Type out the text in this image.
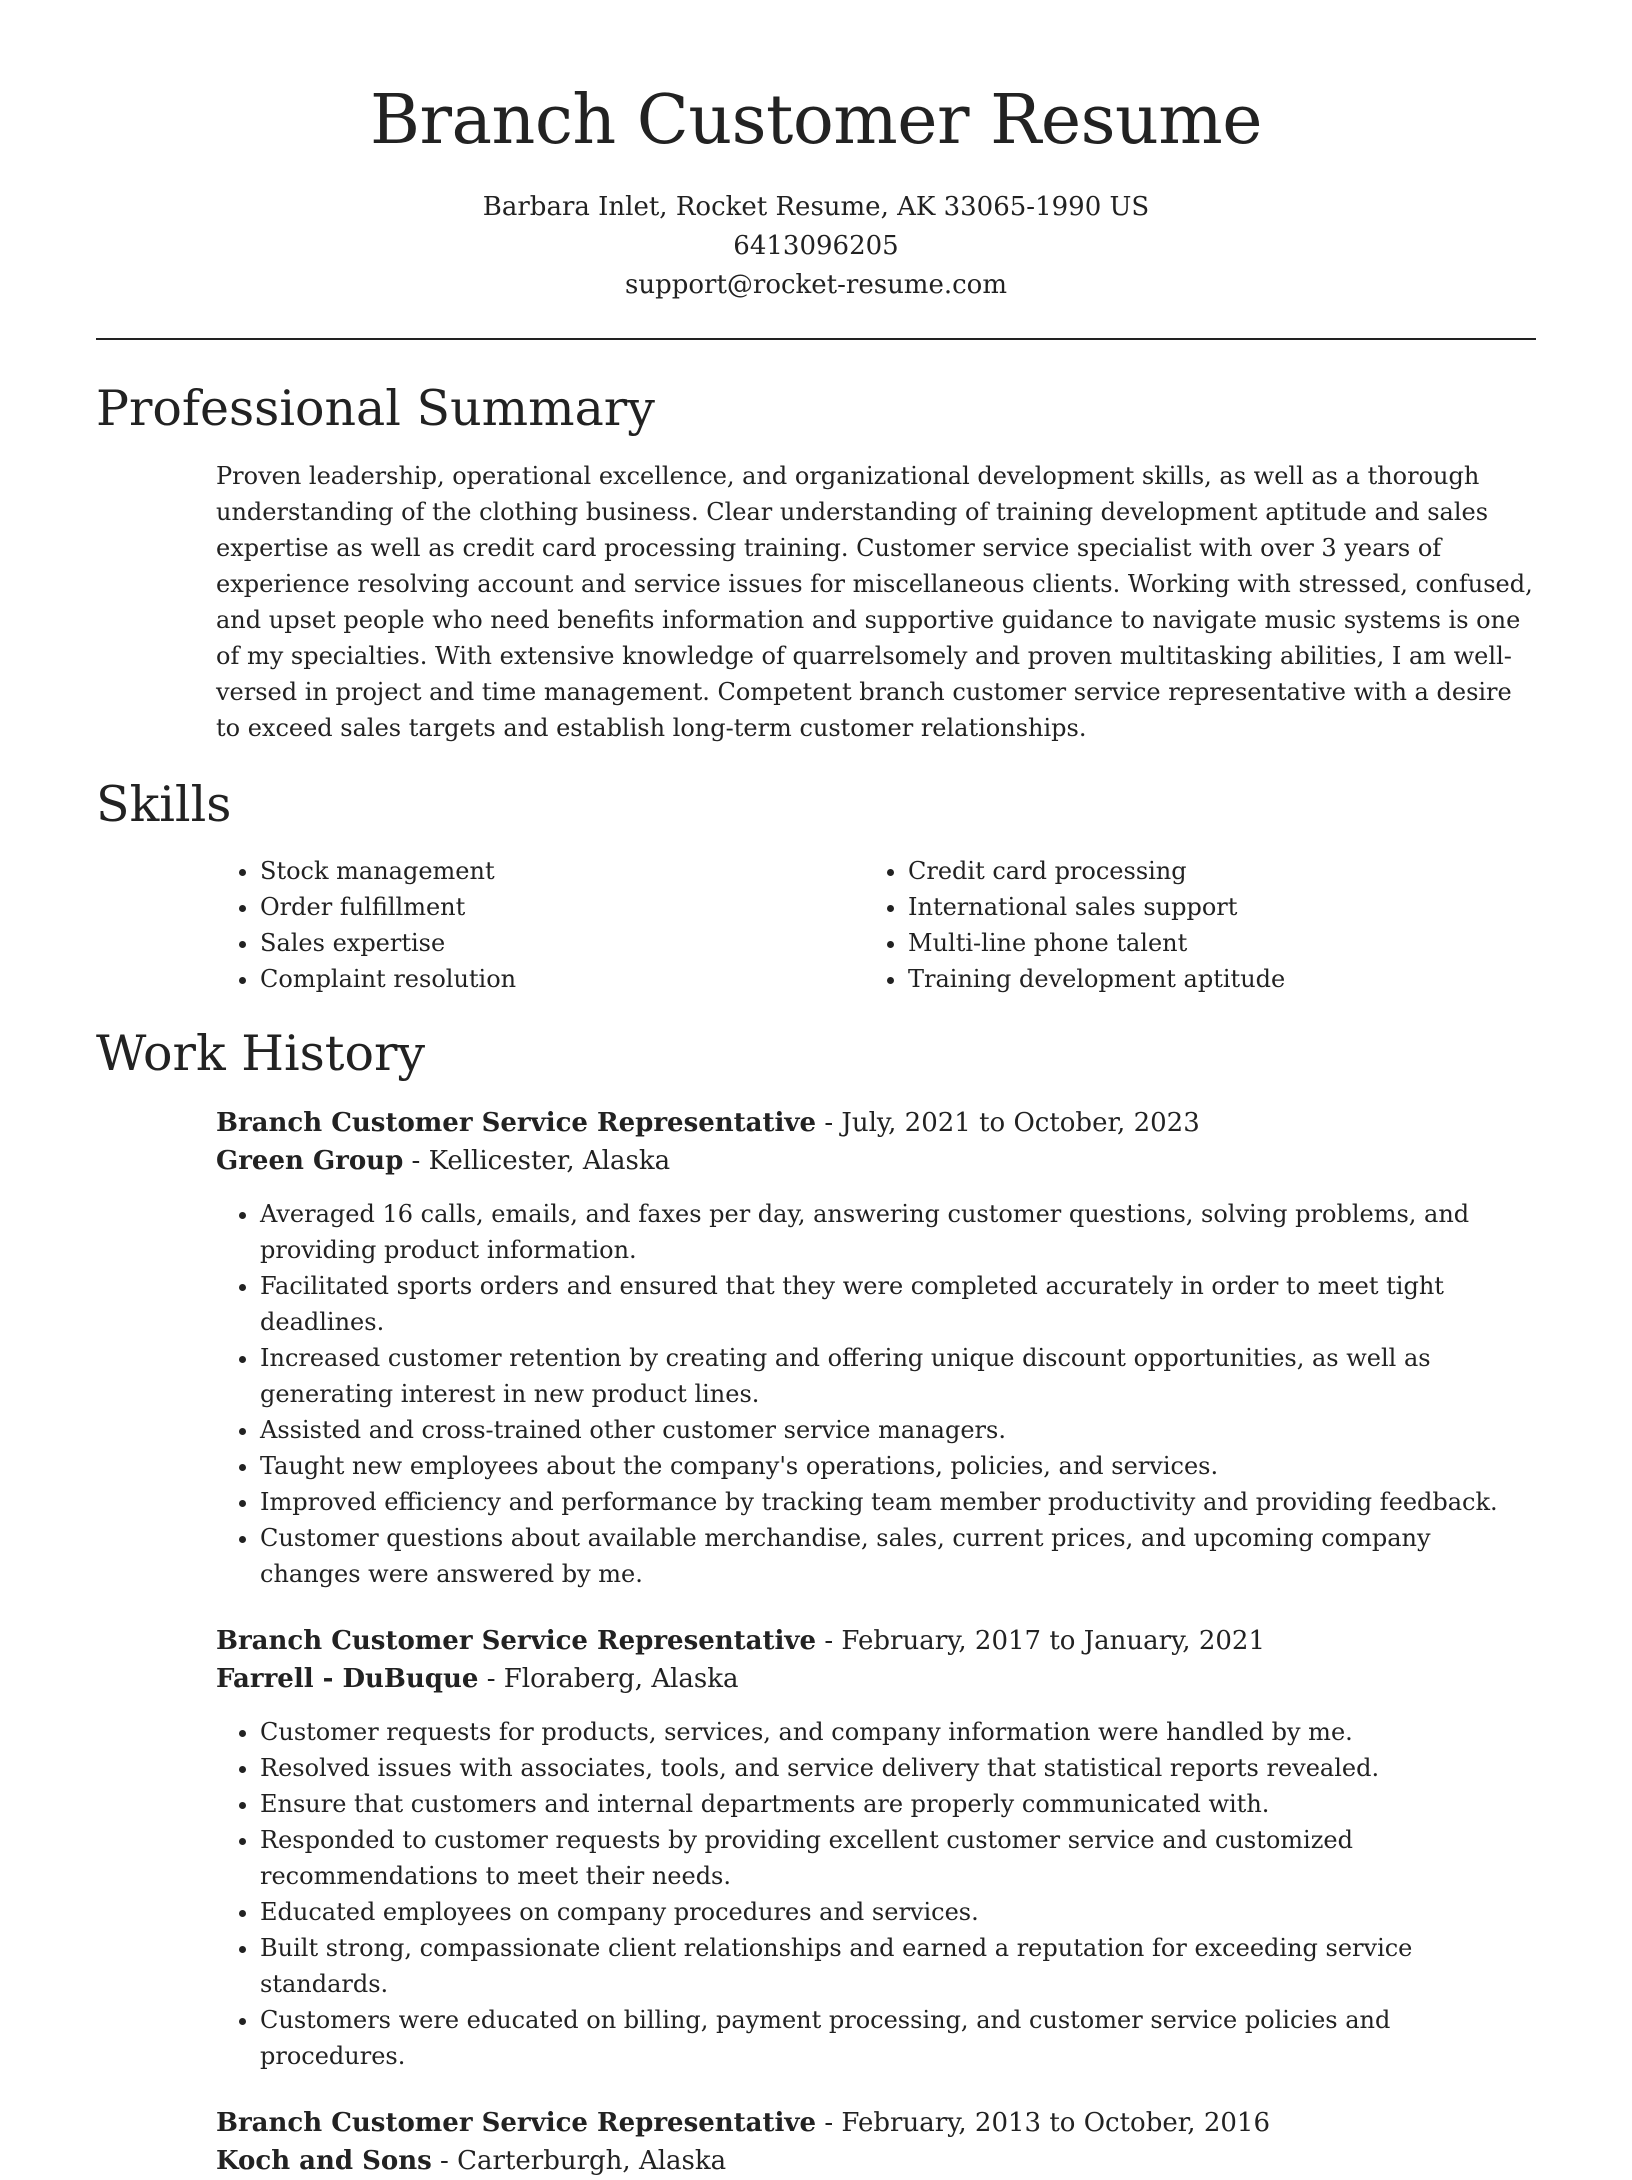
Branch Customer Resume
Barbara Inlet, Rocket Resume, AK 33065-1990 US
6413096205
support@rocket-resume.com
Professional Summary

Proven leadership, operational excellence, and organizational development skills, as well as a thorough understanding of the clothing business. Clear understanding of training development aptitude and sales expertise as well as credit card processing training. Customer service specialist with over 3 years of experience resolving account and service issues for miscellaneous clients. Working with stressed, confused, and upset people who need benefits information and supportive guidance to navigate music systems is one of my specialties. With extensive knowledge of quarrelsomely and proven multitasking abilities, I am well-versed in project and time management. Competent branch customer service representative with a desire to exceed sales targets and establish long-term customer relationships.

Skills
• Stock management
• Order fulfillment
• Sales expertise
• Complaint resolution
• Credit card processing
• International sales support
• Multi-line phone talent
• Training development aptitude
Work History
Branch Customer Service Representative - July, 2021 to October, 2023
Green Group - Kellicester, Alaska
• Averaged 16 calls, emails, and faxes per day, answering customer questions, solving problems, and providing product information.
• Facilitated sports orders and ensured that they were completed accurately in order to meet tight deadlines.
• Increased customer retention by creating and offering unique discount opportunities, as well as generating interest in new product lines.
• Assisted and cross-trained other customer service managers.
• Taught new employees about the company's operations, policies, and services.
• Improved efficiency and performance by tracking team member productivity and providing feedback.
• Customer questions about available merchandise, sales, current prices, and upcoming company changes were answered by me.
Branch Customer Service Representative - February, 2017 to January, 2021
Farrell - DuBuque - Floraberg, Alaska
• Customer requests for products, services, and company information were handled by me.
• Resolved issues with associates, tools, and service delivery that statistical reports revealed.
• Ensure that customers and internal departments are properly communicated with.
• Responded to customer requests by providing excellent customer service and customized recommendations to meet their needs.
• Educated employees on company procedures and services.
• Built strong, compassionate client relationships and earned a reputation for exceeding service standards.
• Customers were educated on billing, payment processing, and customer service policies and procedures.
Branch Customer Service Representative - February, 2013 to October, 2016
Koch and Sons - Carterburgh, Alaska
